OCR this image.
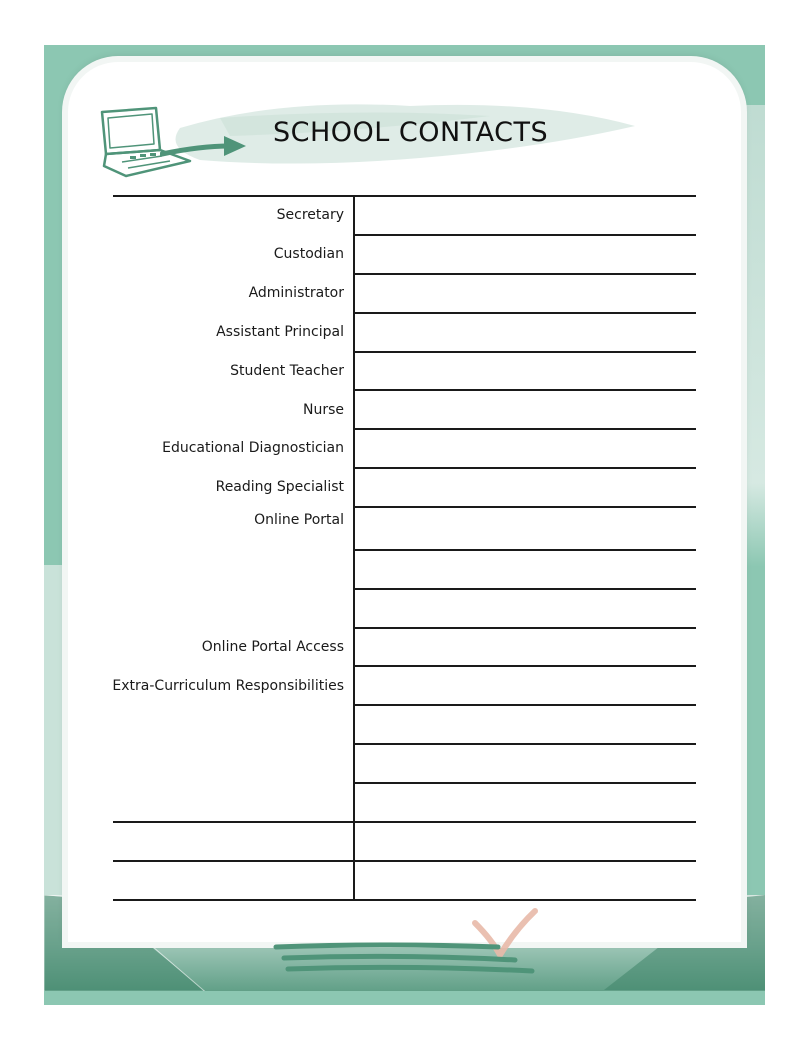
SCHOOL CONTACTS
Secretary
Custodian
Administrator
Assistant Principal
Student Teacher
Nurse
Educational Diagnostician
Reading Specialist
Online Portal
Online Portal Access
Extra-Curriculum Responsibilities
